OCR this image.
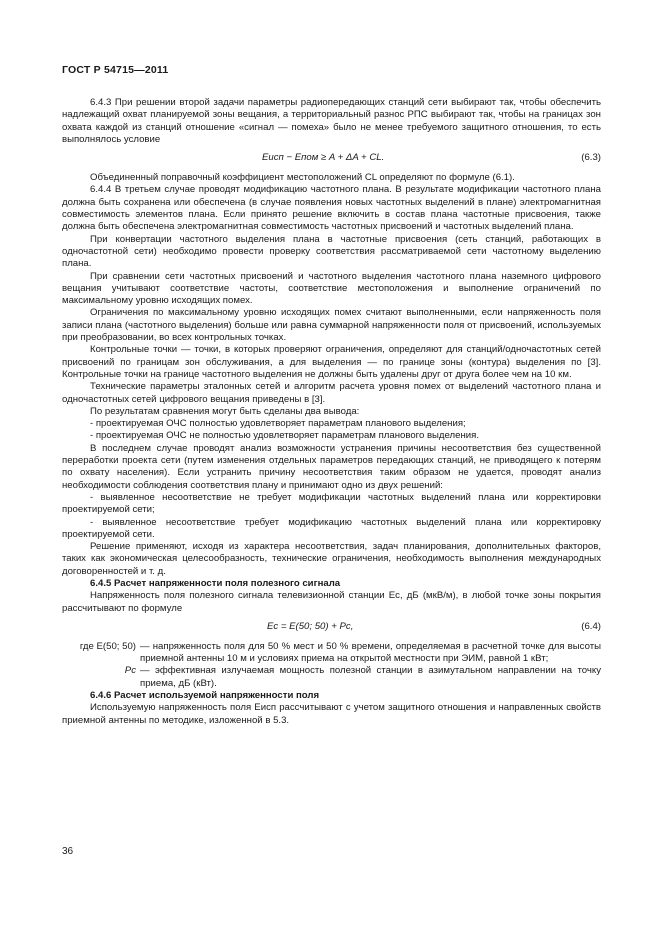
ГОСТ Р 54715—2011

6.4.3 При решении второй задачи параметры радиопередающих станций сети выбирают так, чтобы обеспечить надлежащий охват планируемой зоны вещания, а территориальный разнос РПС выбирают так, чтобы на границах зон охвата каждой из станций отношение «сигнал — помеха» было не менее требуемого защитного отношения, то есть выполнялось условие

Eисп − Eпом ≥ A + ΔA + CL.	(6.3)

Объединенный поправочный коэффициент местоположений CL определяют по формуле (6.1).

6.4.4 В третьем случае проводят модификацию частотного плана. В результате модификации частотного плана должна быть сохранена или обеспечена (в случае появления новых частотных выделений в плане) электромагнитная совместимость элементов плана. Если принято решение включить в состав плана частотные присвоения, также должна быть обеспечена электромагнитная совместимость частотных присвоений и частотных выделений плана.

При конвертации частотного выделения плана в частотные присвоения (сеть станций, работающих в одночастотной сети) необходимо провести проверку соответствия рассматриваемой сети частотному выделению плана.

При сравнении сети частотных присвоений и частотного выделения частотного плана наземного цифрового вещания учитывают соответствие частоты, соответствие местоположения и выполнение ограничений по максимальному уровню исходящих помех.

Ограничения по максимальному уровню исходящих помех считают выполненными, если напряженность поля записи плана (частотного выделения) больше или равна суммарной напряженности поля от присвоений, используемых при преобразовании, во всех контрольных точках.

Контрольные точки — точки, в которых проверяют ограничения, определяют для станций/одночастотных сетей присвоений по границам зон обслуживания, а для выделения — по границе зоны (контура) выделения по [3]. Контрольные точки на границе частотного выделения не должны быть удалены друг от друга более чем на 10 км.

Технические параметры эталонных сетей и алгоритм расчета уровня помех от выделений частотного плана и одночастотных сетей цифрового вещания приведены в [3].

По результатам сравнения могут быть сделаны два вывода:

- проектируемая ОЧС полностью удовлетворяет параметрам планового выделения;

- проектируемая ОЧС не полностью удовлетворяет параметрам планового выделения.

В последнем случае проводят анализ возможности устранения причины несоответствия без существенной переработки проекта сети (путем изменения отдельных параметров передающих станций, не приводящего к потерям по охвату населения). Если устранить причину несоответствия таким образом не удается, проводят анализ необходимости соблюдения соответствия плану и принимают одно из двух решений:

- выявленное несоответствие не требует модификации частотных выделений плана или корректировки проектируемой сети;

- выявленное несоответствие требует модификацию частотных выделений плана или корректировку проектируемой сети.

Решение применяют, исходя из характера несоответствия, задач планирования, дополнительных факторов, таких как экономическая целесообразность, технические ограничения, необходимость выполнения международных договоренностей и т. д.

6.4.5 Расчет напряженности поля полезного сигнала

Напряженность поля полезного сигнала телевизионной станции Eс, дБ (мкВ/м), в любой точке зоны покрытия рассчитывают по формуле

Eс = E(50; 50) + Pс,	(6.4)
где E(50; 50) — напряженность поля для 50 % мест и 50 % времени, определяемая в расчетной точке для высоты приемной антенны 10 м и условиях приема на открытой местности при ЭИМ, равной 1 кВт;
Pс — эффективная излучаемая мощность полезной станции в азимутальном направлении на точку приема, дБ (кВт).

6.4.6 Расчет используемой напряженности поля

Используемую напряженность поля Eисп рассчитывают с учетом защитного отношения и направленных свойств приемной антенны по методике, изложенной в 5.3.

36
